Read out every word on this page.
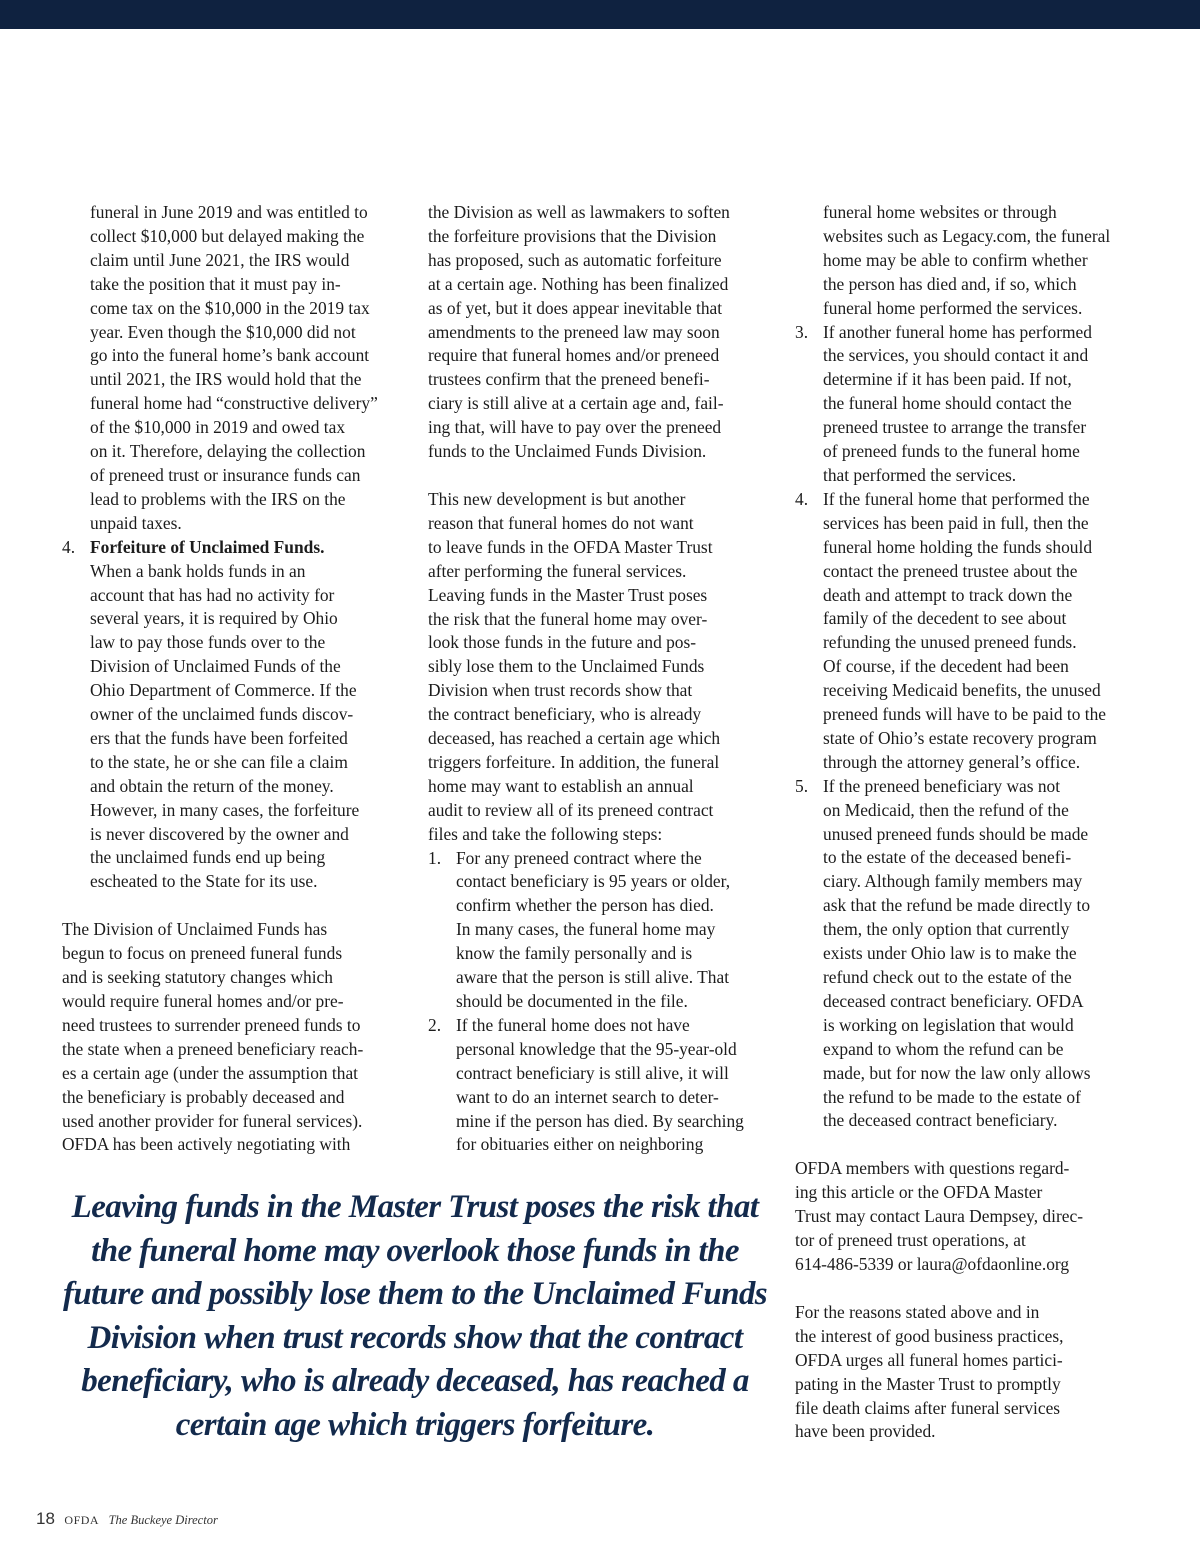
funeral in June 2019 and was entitled to

collect $10,000 but delayed making the

claim until June 2021, the IRS would

take the position that it must pay in-

come tax on the $10,000 in the 2019 tax

year. Even though the $10,000 did not

go into the funeral home’s bank account

until 2021, the IRS would hold that the

funeral home had “constructive delivery”

of the $10,000 in 2019 and owed tax

on it. Therefore, delaying the collection

of preneed trust or insurance funds can

lead to problems with the IRS on the

unpaid taxes.

4. Forfeiture of Unclaimed Funds.

When a bank holds funds in an

account that has had no activity for

several years, it is required by Ohio

law to pay those funds over to the

Division of Unclaimed Funds of the

Ohio Department of Commerce. If the

owner of the unclaimed funds discov-

ers that the funds have been forfeited

to the state, he or she can file a claim

and obtain the return of the money.

However, in many cases, the forfeiture

is never discovered by the owner and

the unclaimed funds end up being

escheated to the State for its use.

The Division of Unclaimed Funds has

begun to focus on preneed funeral funds

and is seeking statutory changes which

would require funeral homes and/or pre-

need trustees to surrender preneed funds to

the state when a preneed beneficiary reach-

es a certain age (under the assumption that

the beneficiary is probably deceased and

used another provider for funeral services).

OFDA has been actively negotiating with

the Division as well as lawmakers to soften

the forfeiture provisions that the Division

has proposed, such as automatic forfeiture

at a certain age. Nothing has been finalized

as of yet, but it does appear inevitable that

amendments to the preneed law may soon

require that funeral homes and/or preneed

trustees confirm that the preneed benefi-

ciary is still alive at a certain age and, fail-

ing that, will have to pay over the preneed

funds to the Unclaimed Funds Division.

This new development is but another

reason that funeral homes do not want

to leave funds in the OFDA Master Trust

after performing the funeral services.

Leaving funds in the Master Trust poses

the risk that the funeral home may over-

look those funds in the future and pos-

sibly lose them to the Unclaimed Funds

Division when trust records show that

the contract beneficiary, who is already

deceased, has reached a certain age which

triggers forfeiture. In addition, the funeral

home may want to establish an annual

audit to review all of its preneed contract

files and take the following steps:

1. For any preneed contract where the

contact beneficiary is 95 years or older,

confirm whether the person has died.

In many cases, the funeral home may

know the family personally and is

aware that the person is still alive. That

should be documented in the file.

2. If the funeral home does not have

personal knowledge that the 95-year-old

contract beneficiary is still alive, it will

want to do an internet search to deter-

mine if the person has died. By searching

for obituaries either on neighboring

funeral home websites or through

websites such as Legacy.com, the funeral

home may be able to confirm whether

the person has died and, if so, which

funeral home performed the services.

3. If another funeral home has performed

the services, you should contact it and

determine if it has been paid. If not,

the funeral home should contact the

preneed trustee to arrange the transfer

of preneed funds to the funeral home

that performed the services.

4. If the funeral home that performed the

services has been paid in full, then the

funeral home holding the funds should

contact the preneed trustee about the

death and attempt to track down the

family of the decedent to see about

refunding the unused preneed funds.

Of course, if the decedent had been

receiving Medicaid benefits, the unused

preneed funds will have to be paid to the

state of Ohio’s estate recovery program

through the attorney general’s office.

5. If the preneed beneficiary was not

on Medicaid, then the refund of the

unused preneed funds should be made

to the estate of the deceased benefi-

ciary. Although family members may

ask that the refund be made directly to

them, the only option that currently

exists under Ohio law is to make the

refund check out to the estate of the

deceased contract beneficiary. OFDA

is working on legislation that would

expand to whom the refund can be

made, but for now the law only allows

the refund to be made to the estate of

the deceased contract beneficiary.

OFDA members with questions regard-

ing this article or the OFDA Master

Trust may contact Laura Dempsey, direc-

tor of preneed trust operations, at

614-486-5339 or laura@ofdaonline.org

For the reasons stated above and in

the interest of good business practices,

OFDA urges all funeral homes partici-

pating in the Master Trust to promptly

file death claims after funeral services

have been provided.

Leaving funds in the Master Trust poses the risk that
the funeral home may overlook those funds in the
future and possibly lose them to the Unclaimed Funds
Division when trust records show that the contract
beneficiary, who is already deceased, has reached a
certain age which triggers forfeiture.
18 OFDA The Buckeye Director
